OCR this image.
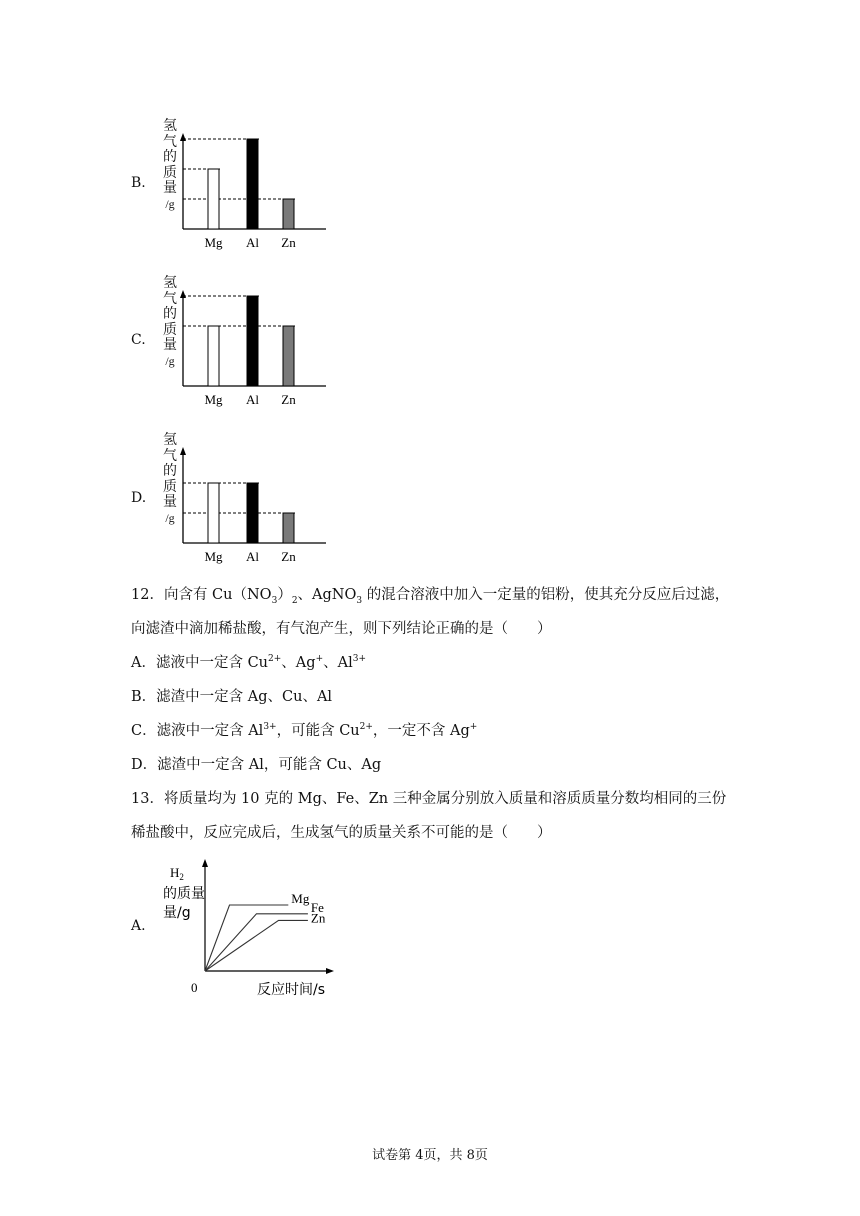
B.
氢
气
的
质
量
/g
Mg Al Zn
C.
氢
气
的
质
量
/g
Mg Al Zn
D.
氢
气
的
质
量
/g
Mg Al Zn
12．向含有 $Cu(NO_3)_2$、AgNO$_3$ 的混合溶液中加入一定量的铝粉，使其充分反应后过滤，
向滤渣中滴加稀盐酸，有气泡产生，则下列结论正确的是（　　）
A．滤液中一定含 $Cu^{2+}$、Ag+、$Al^{3+}$
B．滤渣中一定含 Ag、Cu、Al
C．滤液中一定含 $Al^{3+}$，可能含 $Cu^{2+}$，一定不含 Ag+
D．滤渣中一定含 Al，可能含 Cu、Ag
13．将质量均为 10 克的 Mg、Fe、Zn 三种金属分别放入质量和溶质质量分数均相同的三份
稀盐酸中，反应完成后，生成氢气的质量关系不可能的是（　　）
A.
$H_2$
的质量
量/g
0	反应时间/s
Mg
Fe
Zn
试卷第 4页，共 8页
